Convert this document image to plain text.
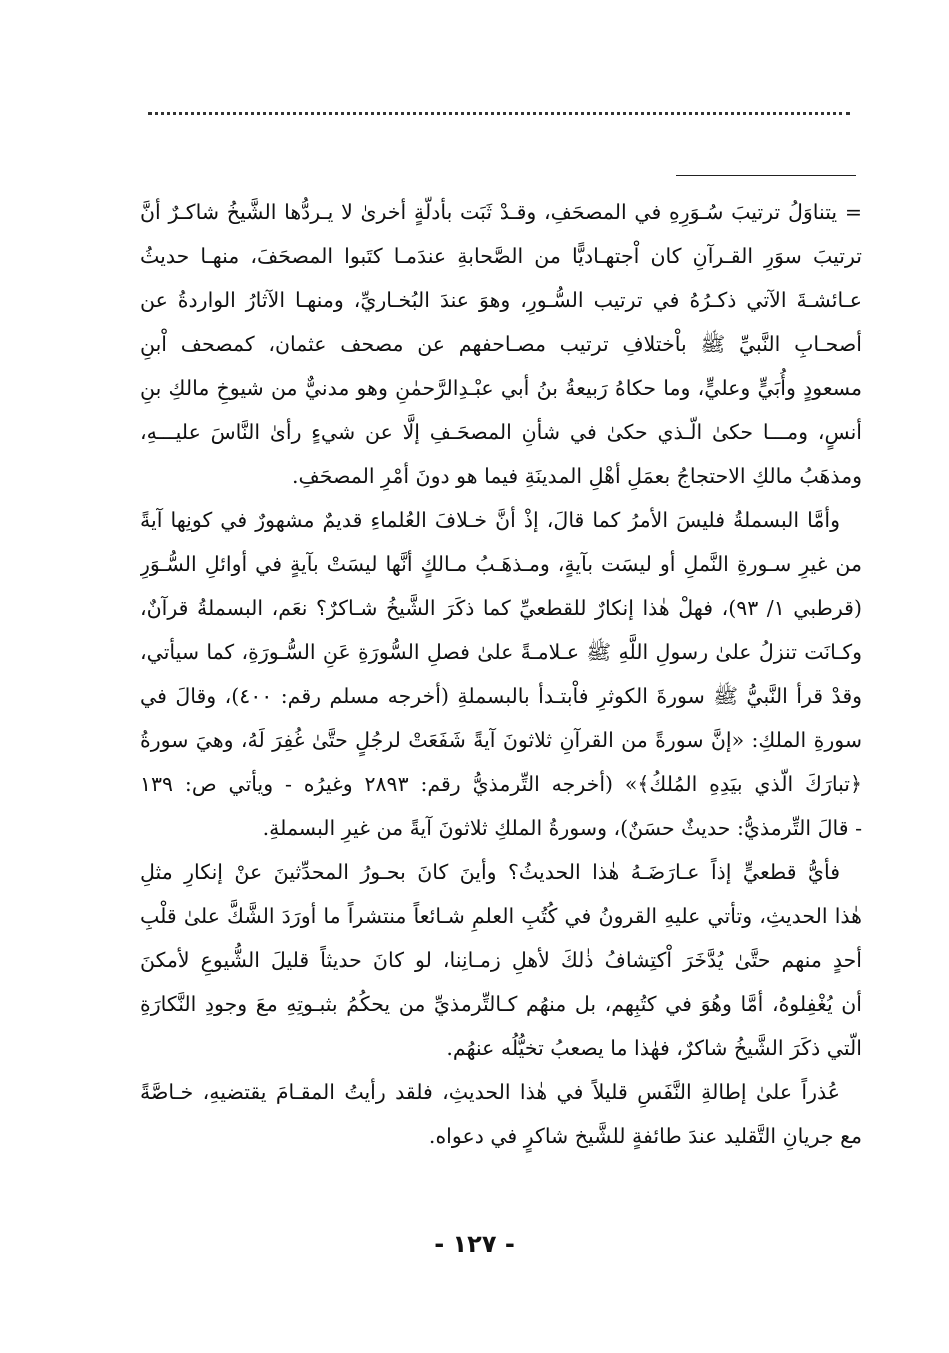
= يتناوَلُ ترتيبَ سُـوَرِهِ في المصحَفِ، وقـدْ ثَبَت بأدلّةٍ أخرىٰ لا يـردُّها الشَّيخُ شاكـرٌ أنَّ
ترتيبَ سوَرِ القـرآنِ كان اْجتهـاديًّا من الصَّحابةِ عندَمـا كتَبوا المصحَفَ، منهـا حديثُ
عـائشـةَ الآتي ذكـرُهُ في ترتيب السُّـورِ، وهوَ عندَ البُخـاريِّ، ومنهـا الآثارُ الواردةُ عن
أصحـابِ النَّبيِّ ﷺ باْختلافِ ترتيب مصـاحفهم عن مصحف عثمان، كمصحف اْبنِ
مسعودٍ وأُبَيٍّ وعليٍّ، وما حكاهُ رَبيعةُ بنُ أبي عبْـدِالرَّحمٰنِ وهو مدنيٌّ من شيوخِ مالكِ بنِ
أنسٍ، ومـــا حكىٰ الّـذي حكىٰ في شأنِ المصحَـفِ إلَّا عن شيءٍ رأىٰ النَّاسَ عليـــهِ،
ومذهَبُ مالكِ الاحتجاجُ بعمَلِ أهْلِ المدينَةِ فيما هو دونَ أمْرِ المصحَفِ.
وأمَّا البسملةُ فليسَ الأمرُ كما قالَ، إذْ أنَّ خـلافَ العُلماءِ قديمٌ مشهورٌ في كونِها آيةً
من غيرِ سـورةِ النَّملِ أو ليسَت بآيةٍ، ومـذهَـبُ مـالكٍ أنَّها ليسَتْ بآيةٍ في أوائلِ السُّـوَرِ
(قرطبي ١/ ٩٣)، فهلْ هٰذا إنكارٌ للقطعيِّ كما ذكَرَ الشَّيخُ شـاكرٌ؟ نعَم، البسملةُ قرآنٌ،
وكـانَت تنزلُ علىٰ رسولِ اللَّهِ ﷺ عـلامـةً علىٰ فصلِ السُّورَةِ عَنِ السُّـورَةِ، كما سيأتي،
وقدْ قرأ النَّبيُّ ﷺ سورةَ الكوثرِ فاْبتـدأ بالبسملةِ (أخرجه مسلم رقم: ٤٠٠)، وقالَ في
سورةِ الملكِ: «إنَّ سورةً من القرآنِ ثلاثونَ آيةً شَفَعَتْ لرجُلٍ حتَّىٰ غُفِرَ لَهُ، وهيَ سورةُ
﴿تبارَكَ الّذي بيَدِهِ المُلكُ﴾» (أخرجه التِّرمذيُّ رقم: ٢٨٩٣ وغيرُه - ويأتي ص: ١٣٩
- قالَ التِّرمذيُّ: حديثٌ حسَنٌ)، وسورةُ الملكِ ثلاثونَ آيةً من غيرِ البسملةِ.
فأيُّ قطعيٍّ إذاً عـارَضَـهُ هٰذا الحديثُ؟ وأينَ كانَ بحـورُ المحدِّثينَ عنْ إنكارِ مثلِ
هٰذا الحديثِ، وتأتي عليهِ القرونُ في كُتُبِ العلمِ شـائعاً منتشراً ما أورَدَ الشَّكَّ علىٰ قلْبِ
أحدٍ منهم حتَّىٰ يُدَّخَرَ اْكتِشافُ ذٰلكَ لأهلِ زمـانِنا، لو كانَ حديثاً قليلَ الشُّيوعِ لأمكنَ
أن يُغْفِلوهُ، أمَّا وهُوَ في كتُبِهم، بل منهُم كـالتِّرمذيِّ من يحكُمُ بثبـوتِهِ معَ وجودِ النَّكارَةِ
الّتي ذكَرَ الشَّيخُ شاكرٌ، فهٰذا ما يصعبُ تخيُّلُه عنهُم.
عُذراً علىٰ إطالةِ النَّفَسِ قليلاً في هٰذا الحديثِ، فلقد رأيتُ المقـامَ يقتضيهِ، خـاصَّةً
مع جريانِ التَّقليد عندَ طائفةٍ للشَّيخ شاكرٍ في دعواه.
- ١٢٧ -
